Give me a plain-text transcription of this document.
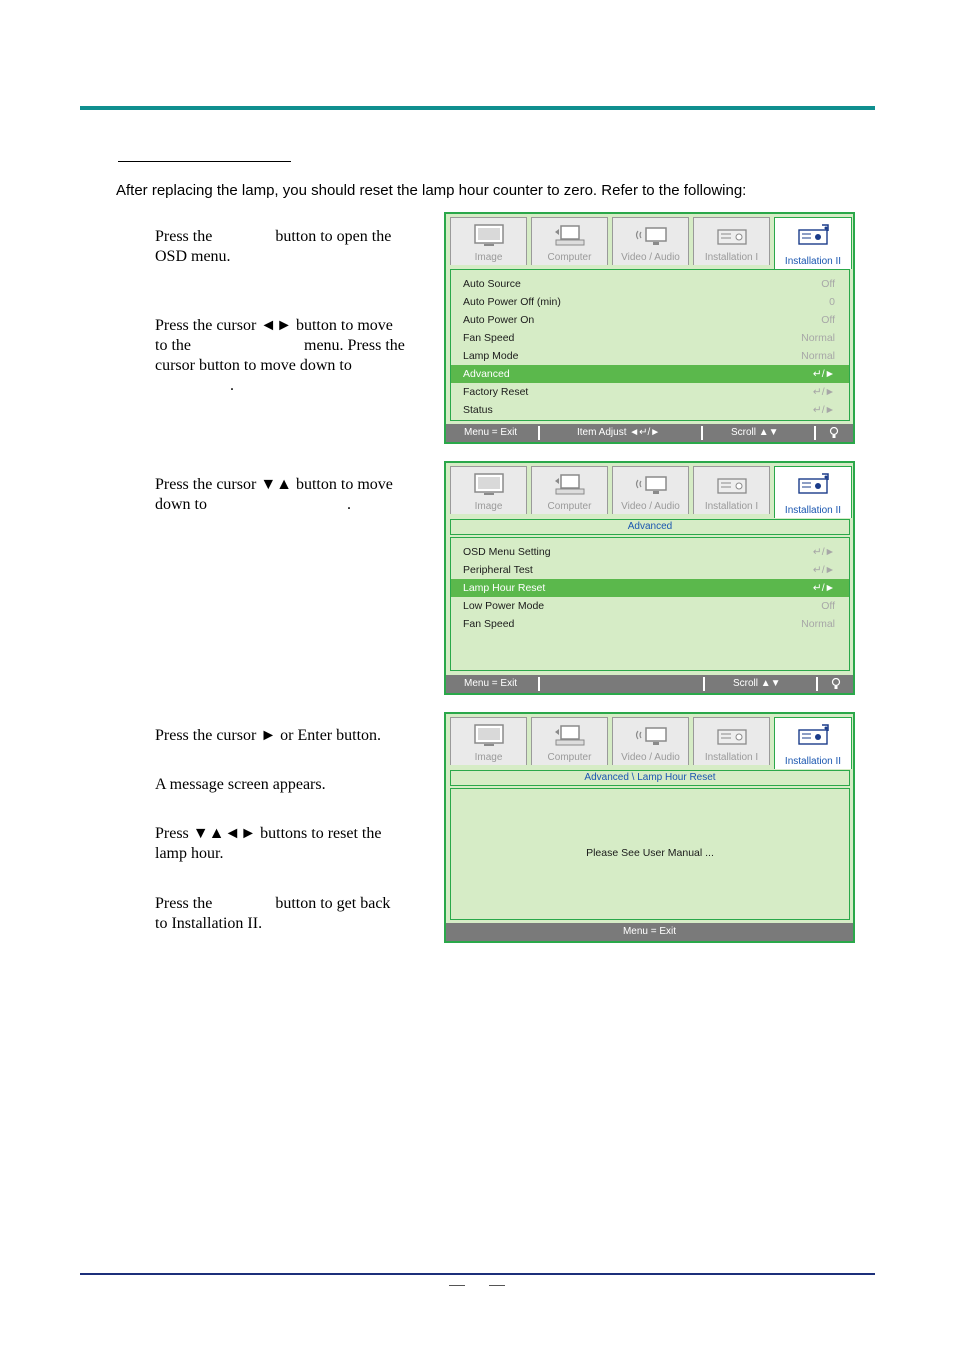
After replacing the lamp, you should reset the lamp hour counter to zero. Refer to the following:
Press the	button to open the
OSD menu.
Press the cursor ◄► button to move
to the	menu. Press the
cursor button to move down to
.
Press the cursor ▼▲ button to move
down to	.
Press the cursor ► or Enter button.
A message screen appears.
Press ▼▲◄► buttons to reset the
lamp hour.
Press the	button to get back
to Installation II.
Image	Computer	Video / Audio	Installation I	Installation II
Auto Source	Off
Auto Power Off (min)	0
Auto Power On	Off
Fan Speed	Normal
Lamp Mode	Normal
Advanced	↵/►
Factory Reset	↵/►
Status	↵/►
Menu = Exit	Item Adjust ◄↵/►	Scroll ▲▼
Image	Computer	Video / Audio	Installation I	Installation II
Advanced
OSD Menu Setting	↵/►
Peripheral Test	↵/►
Lamp Hour Reset	↵/►
Low Power Mode	Off
Fan Speed	Normal
Menu = Exit	Scroll ▲▼
Image	Computer	Video / Audio	Installation I	Installation II
Advanced \ Lamp Hour Reset
Please See User Manual ...
Menu = Exit
